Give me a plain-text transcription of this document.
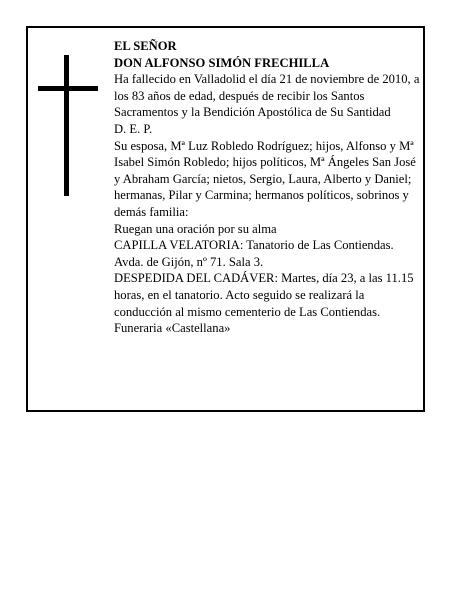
EL SEÑOR

DON ALFONSO SIMÓN FRECHILLA

Ha fallecido en Valladolid el día 21 de noviembre de 2010, a los 83 años de edad, después de recibir los Santos Sacramentos y la Bendición Apostólica de Su Santidad

D. E. P.

Su esposa, Mª Luz Robledo Rodríguez; hijos, Alfonso y Mª Isabel Simón Robledo; hijos políticos, Mª Ángeles San José y Abraham García; nietos, Sergio, Laura, Alberto y Daniel; hermanas, Pilar y Carmina; hermanos políticos, sobrinos y demás familia:

Ruegan una oración por su alma

CAPILLA VELATORIA: Tanatorio de Las Contiendas. Avda. de Gijón, nº 71. Sala 3.

DESPEDIDA DEL CADÁVER: Martes, día 23, a las 11.15 horas, en el tanatorio. Acto seguido se realizará la conducción al mismo cementerio de Las Contiendas.

Funeraria «Castellana»
